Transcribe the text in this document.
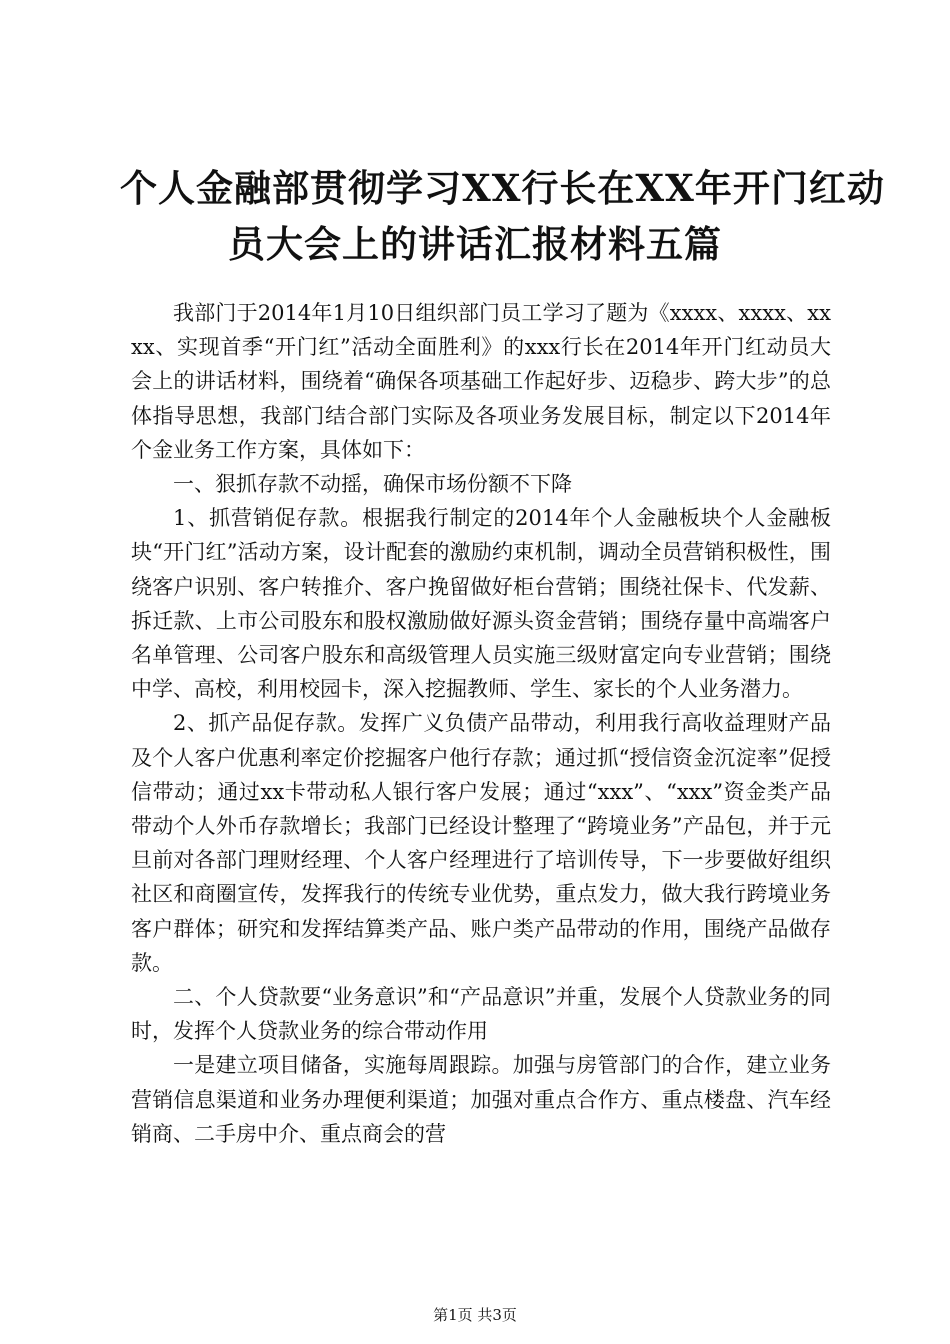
个人金融部贯彻学习XX行长在XX年开门红动
员大会上的讲话汇报材料五篇

我部门于2014年1月10日组织部门员工学习了题为《xxxx、xxxx、xxxx、实现首季“开门红”活动全面胜利》的xxx行长在2014年开门红动员大会上的讲话材料，围绕着“确保各项基础工作起好步、迈稳步、跨大步”的总体指导思想，我部门结合部门实际及各项业务发展目标，制定以下2014年个金业务工作方案，具体如下：

一、狠抓存款不动摇，确保市场份额不下降

1、抓营销促存款。根据我行制定的2014年个人金融板块个人金融板块“开门红”活动方案，设计配套的激励约束机制，调动全员营销积极性，围绕客户识别、客户转推介、客户挽留做好柜台营销；围绕社保卡、代发薪、拆迁款、上市公司股东和股权激励做好源头资金营销；围绕存量中高端客户名单管理、公司客户股东和高级管理人员实施三级财富定向专业营销；围绕中学、高校，利用校园卡，深入挖掘教师、学生、家长的个人业务潜力。

2、抓产品促存款。发挥广义负债产品带动，利用我行高收益理财产品及个人客户优惠利率定价挖掘客户他行存款；通过抓“授信资金沉淀率”促授信带动；通过xx卡带动私人银行客户发展；通过“xxx”、“xxx”资金类产品带动个人外币存款增长；我部门已经设计整理了“跨境业务”产品包，并于元旦前对各部门理财经理、个人客户经理进行了培训传导，下一步要做好组织社区和商圈宣传，发挥我行的传统专业优势，重点发力，做大我行跨境业务客户群体；研究和发挥结算类产品、账户类产品带动的作用，围绕产品做存款。

二、个人贷款要“业务意识”和“产品意识”并重，发展个人贷款业务的同时，发挥个人贷款业务的综合带动作用

一是建立项目储备，实施每周跟踪。加强与房管部门的合作，建立业务营销信息渠道和业务办理便利渠道；加强对重点合作方、重点楼盘、汽车经销商、二手房中介、重点商会的营

第1页 共3页
